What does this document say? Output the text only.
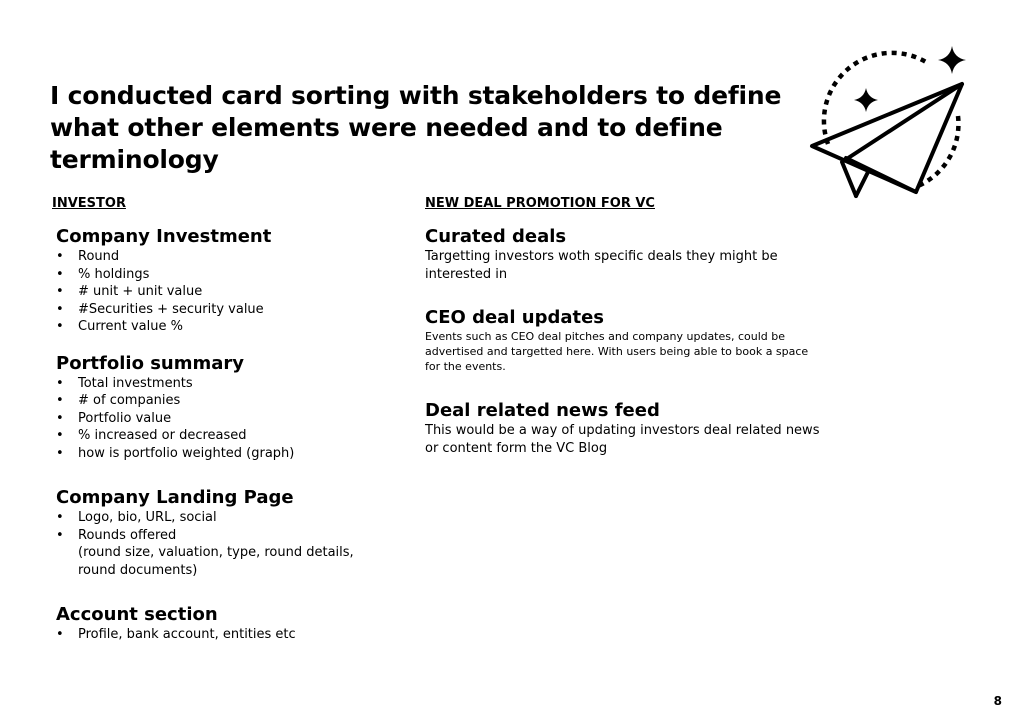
I conducted card sorting with stakeholders to define what other elements were needed and to define terminology

INVESTOR

Company Investment

• Round
• % holdings
• # unit + unit value
• #Securities + security value
• Current value %

Portfolio summary

• Total investments
• # of companies
• Portfolio value
• % increased or decreased
• how is portfolio weighted (graph)

Company Landing Page

• Logo, bio, URL, social
• Rounds offered
(round size, valuation, type, round details, round documents)

Account section

• Profile, bank account, entities etc

NEW DEAL PROMOTION FOR VC

Curated deals

Targetting investors woth specific deals they might be interested in

CEO deal updates

Events such as CEO deal pitches and company updates, could be advertised and targetted here. With users being able to book a space for the events.

Deal related news feed

This would be a way of updating investors deal related news or content form the VC Blog

8
